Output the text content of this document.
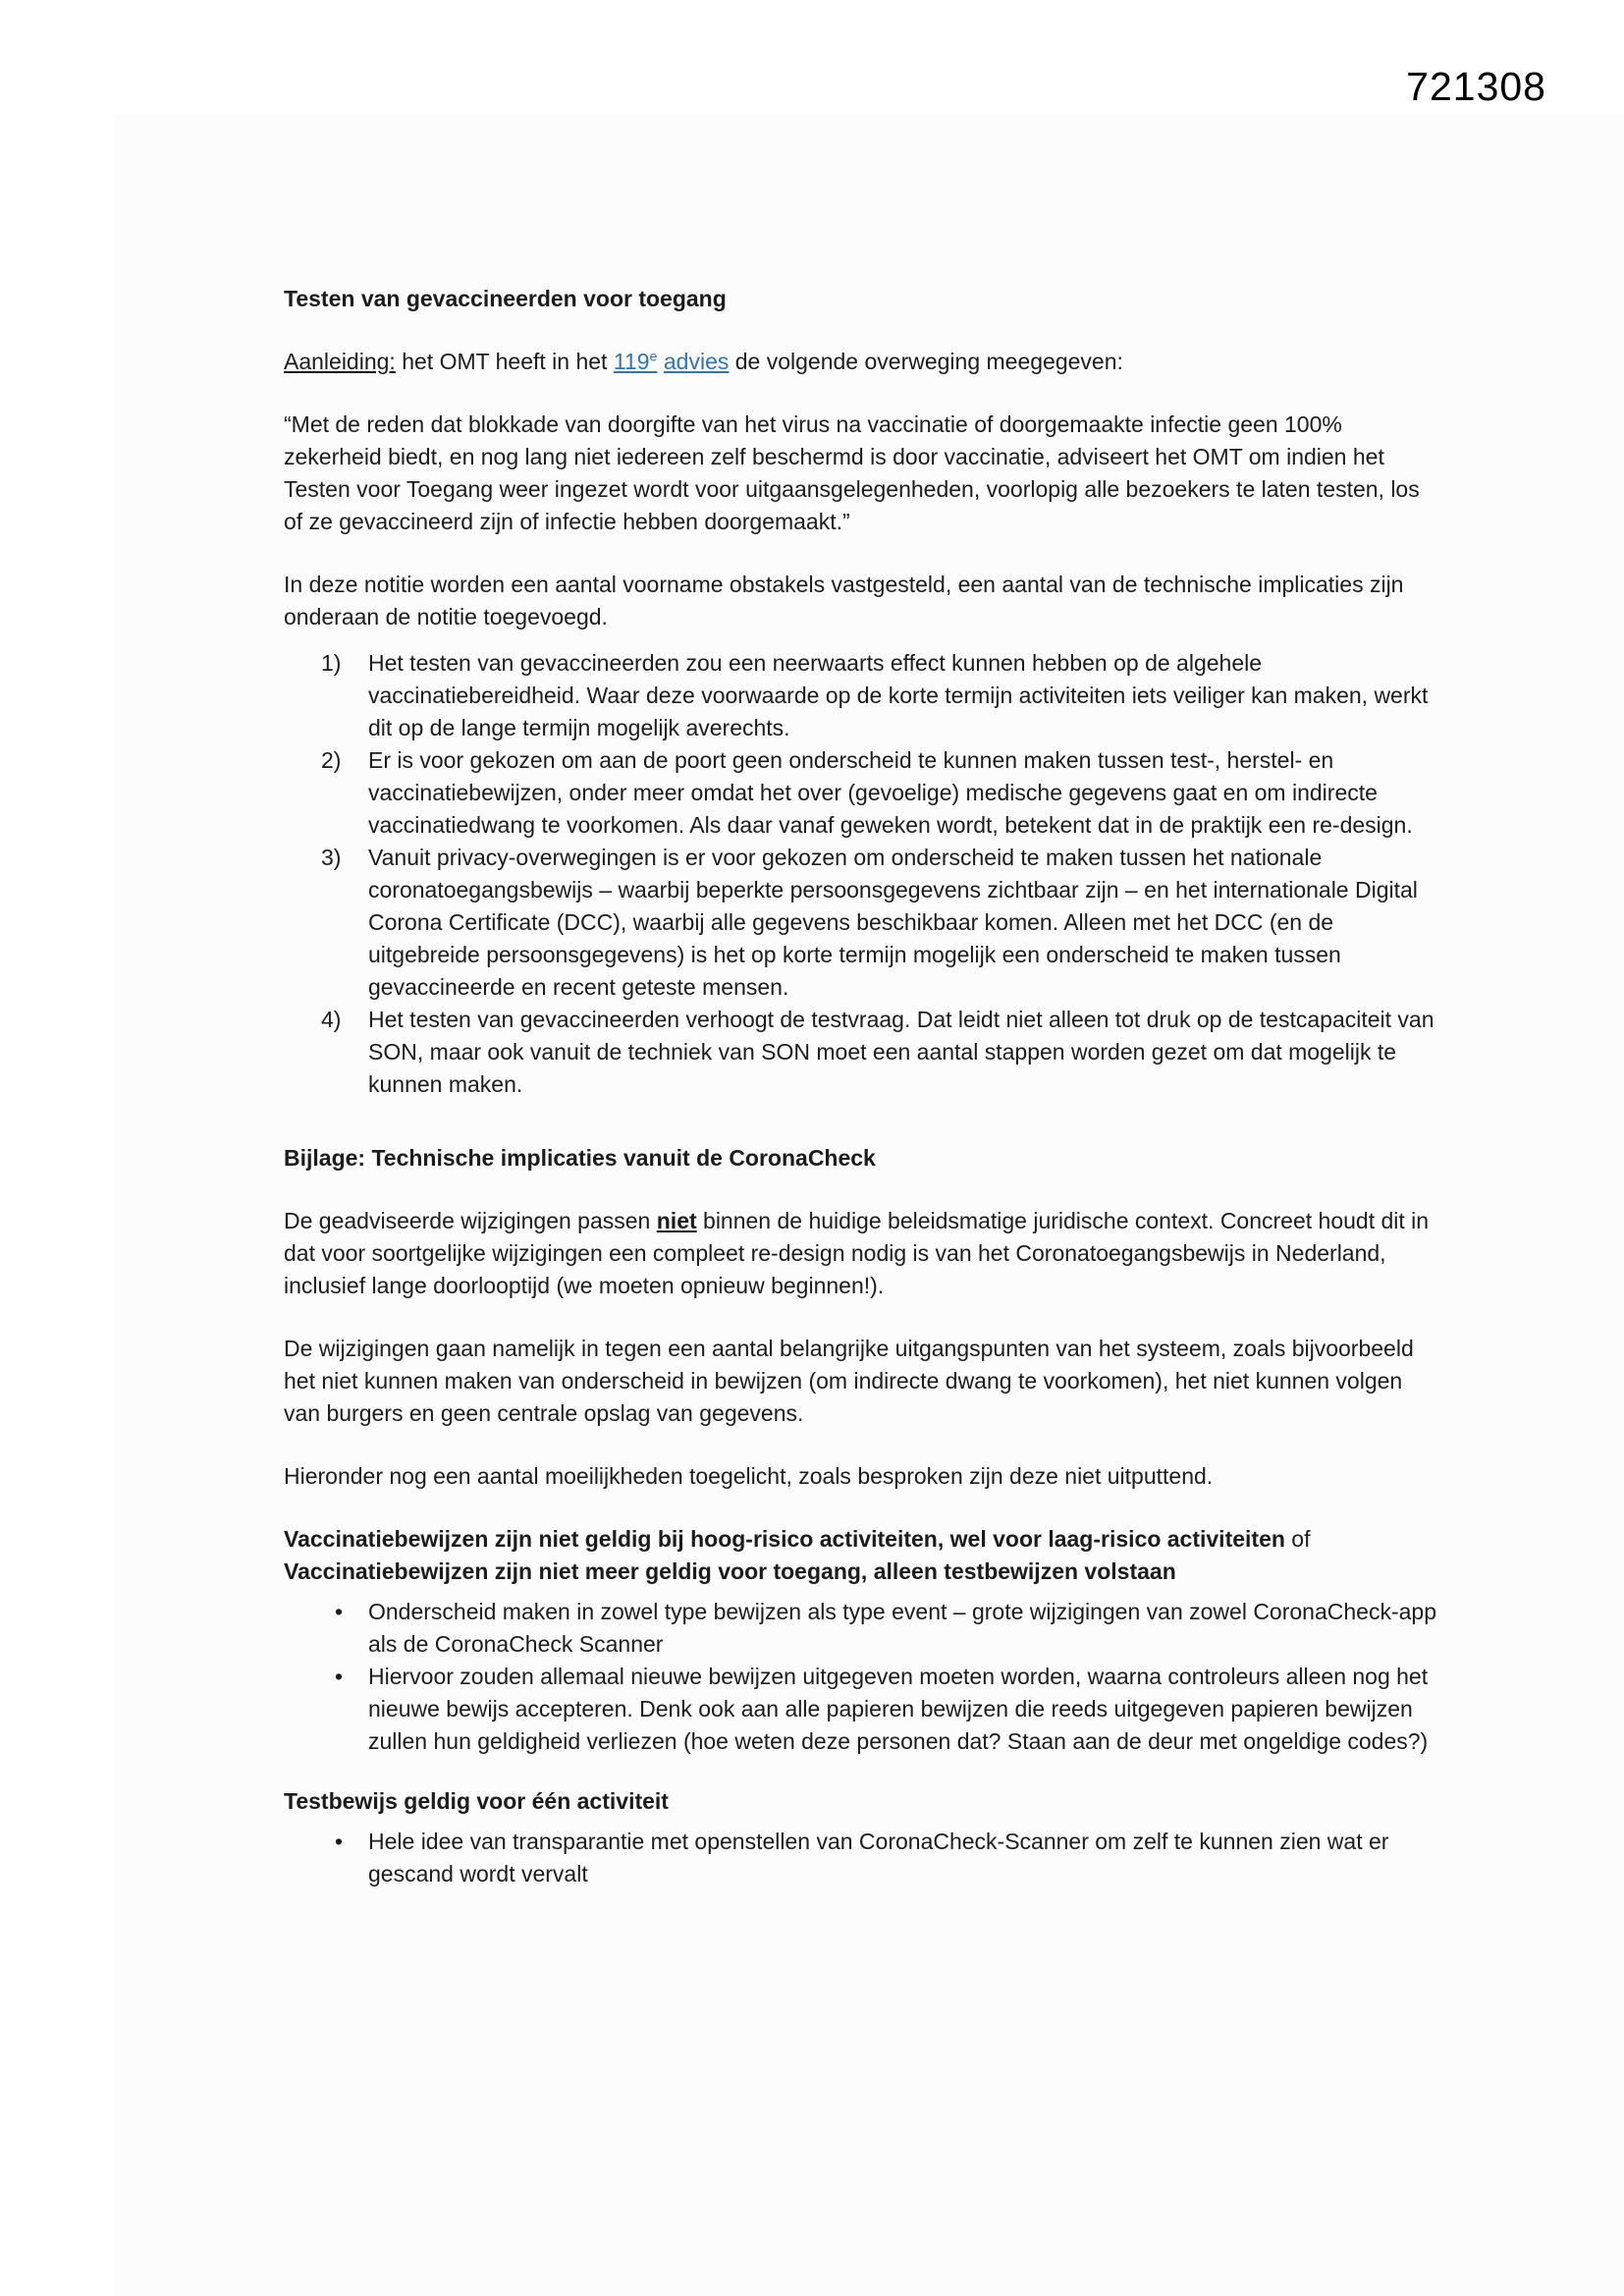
721308

Testen van gevaccineerden voor toegang

Aanleiding: het OMT heeft in het 119e advies de volgende overweging meegegeven:

“Met de reden dat blokkade van doorgifte van het virus na vaccinatie of doorgemaakte infectie geen 100% zekerheid biedt, en nog lang niet iedereen zelf beschermd is door vaccinatie, adviseert het OMT om indien het Testen voor Toegang weer ingezet wordt voor uitgaansgelegenheden, voorlopig alle bezoekers te laten testen, los of ze gevaccineerd zijn of infectie hebben doorgemaakt.”

In deze notitie worden een aantal voorname obstakels vastgesteld, een aantal van de technische implicaties zijn onderaan de notitie toegevoegd.

1)	Het testen van gevaccineerden zou een neerwaarts effect kunnen hebben op de algehele vaccinatiebereidheid. Waar deze voorwaarde op de korte termijn activiteiten iets veiliger kan maken, werkt dit op de lange termijn mogelijk averechts.
2)	Er is voor gekozen om aan de poort geen onderscheid te kunnen maken tussen test-, herstel- en vaccinatiebewijzen, onder meer omdat het over (gevoelige) medische gegevens gaat en om indirecte vaccinatiedwang te voorkomen. Als daar vanaf geweken wordt, betekent dat in de praktijk een re-design.
3)	Vanuit privacy-overwegingen is er voor gekozen om onderscheid te maken tussen het nationale coronatoegangsbewijs – waarbij beperkte persoonsgegevens zichtbaar zijn – en het internationale Digital Corona Certificate (DCC), waarbij alle gegevens beschikbaar komen. Alleen met het DCC (en de uitgebreide persoonsgegevens) is het op korte termijn mogelijk een onderscheid te maken tussen gevaccineerde en recent geteste mensen.
4)	Het testen van gevaccineerden verhoogt de testvraag. Dat leidt niet alleen tot druk op de testcapaciteit van SON, maar ook vanuit de techniek van SON moet een aantal stappen worden gezet om dat mogelijk te kunnen maken.

Bijlage: Technische implicaties vanuit de CoronaCheck

De geadviseerde wijzigingen passen niet binnen de huidige beleidsmatige juridische context. Concreet houdt dit in dat voor soortgelijke wijzigingen een compleet re-design nodig is van het Coronatoegangsbewijs in Nederland, inclusief lange doorlooptijd (we moeten opnieuw beginnen!).

De wijzigingen gaan namelijk in tegen een aantal belangrijke uitgangspunten van het systeem, zoals bijvoorbeeld het niet kunnen maken van onderscheid in bewijzen (om indirecte dwang te voorkomen), het niet kunnen volgen van burgers en geen centrale opslag van gegevens.

Hieronder nog een aantal moeilijkheden toegelicht, zoals besproken zijn deze niet uitputtend.

Vaccinatiebewijzen zijn niet geldig bij hoog-risico activiteiten, wel voor laag-risico activiteiten of
Vaccinatiebewijzen zijn niet meer geldig voor toegang, alleen testbewijzen volstaan
•	Onderscheid maken in zowel type bewijzen als type event – grote wijzigingen van zowel CoronaCheck-app als de CoronaCheck Scanner
•	Hiervoor zouden allemaal nieuwe bewijzen uitgegeven moeten worden, waarna controleurs alleen nog het nieuwe bewijs accepteren. Denk ook aan alle papieren bewijzen die reeds uitgegeven papieren bewijzen zullen hun geldigheid verliezen (hoe weten deze personen dat? Staan aan de deur met ongeldige codes?)

Testbewijs geldig voor één activiteit

•	Hele idee van transparantie met openstellen van CoronaCheck-Scanner om zelf te kunnen zien wat er gescand wordt vervalt
